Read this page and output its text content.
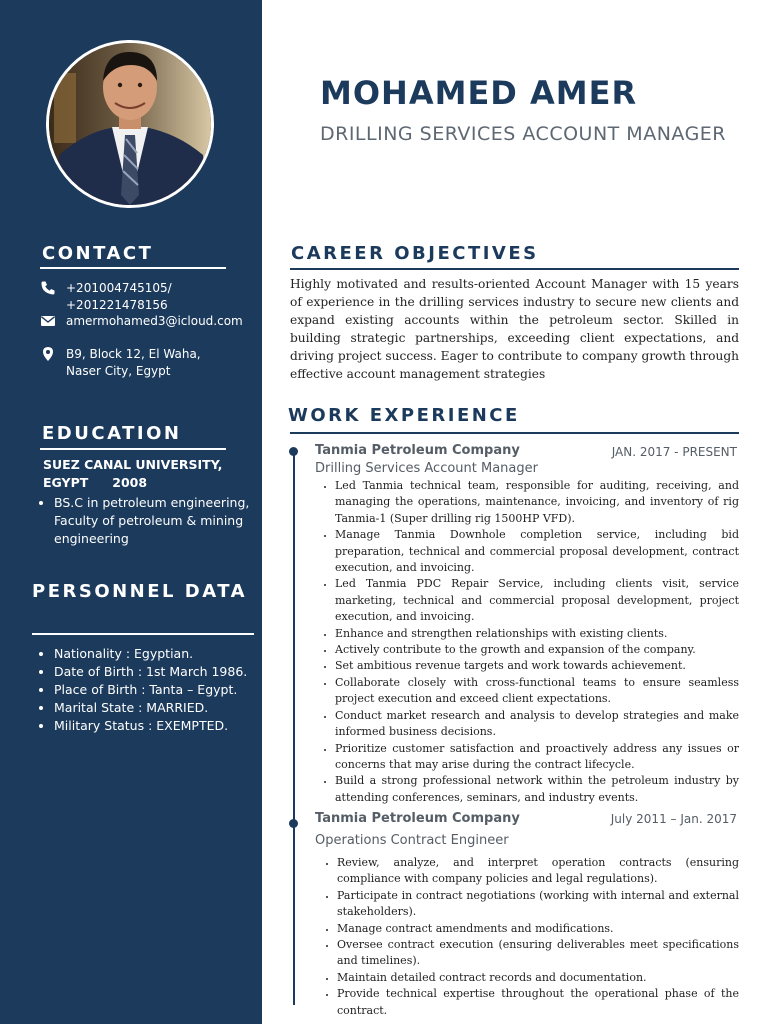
CONTACT
+201004745105/
+201221478156
amermohamed3@icloud.com
B9, Block 12, El Waha,
Naser City, Egypt
EDUCATION
SUEZ CANAL UNIVERSITY,
EGYPT 2008
• BS.C in petroleum engineering, Faculty of petroleum & mining engineering
PERSONNEL DATA
• Nationality : Egyptian.
• Date of Birth : 1st March 1986.
• Place of Birth : Tanta – Egypt.
• Marital State : MARRIED.
• Military Status : EXEMPTED.
MOHAMED AMER
DRILLING SERVICES ACCOUNT MANAGER
CAREER OBJECTIVES
Highly motivated and results-oriented Account Manager with 15 years of experience in the drilling services industry to secure new clients and expand existing accounts within the petroleum sector. Skilled in building strategic partnerships, exceeding client expectations, and driving project success. Eager to contribute to company growth through effective account management strategies
WORK EXPERIENCE
Tanmia Petroleum Company	JAN. 2017 - PRESENT
Drilling Services Account Manager
• Led Tanmia technical team, responsible for auditing, receiving, and managing the operations, maintenance, invoicing, and inventory of rig Tanmia-1 (Super drilling rig 1500HP VFD).
• Manage Tanmia Downhole completion service, including bid preparation, technical and commercial proposal development, contract execution, and invoicing.
• Led Tanmia PDC Repair Service, including clients visit, service marketing, technical and commercial proposal development, project execution, and invoicing.
• Enhance and strengthen relationships with existing clients.
• Actively contribute to the growth and expansion of the company.
• Set ambitious revenue targets and work towards achievement.
• Collaborate closely with cross-functional teams to ensure seamless project execution and exceed client expectations.
• Conduct market research and analysis to develop strategies and make informed business decisions.
• Prioritize customer satisfaction and proactively address any issues or concerns that may arise during the contract lifecycle.
• Build a strong professional network within the petroleum industry by attending conferences, seminars, and industry events.
Tanmia Petroleum Company	July 2011 – Jan. 2017
Operations Contract Engineer
• Review, analyze, and interpret operation contracts (ensuring compliance with company policies and legal regulations).
• Participate in contract negotiations (working with internal and external stakeholders).
• Manage contract amendments and modifications.
• Oversee contract execution (ensuring deliverables meet specifications and timelines).
• Maintain detailed contract records and documentation.
• Provide technical expertise throughout the operational phase of the contract.
